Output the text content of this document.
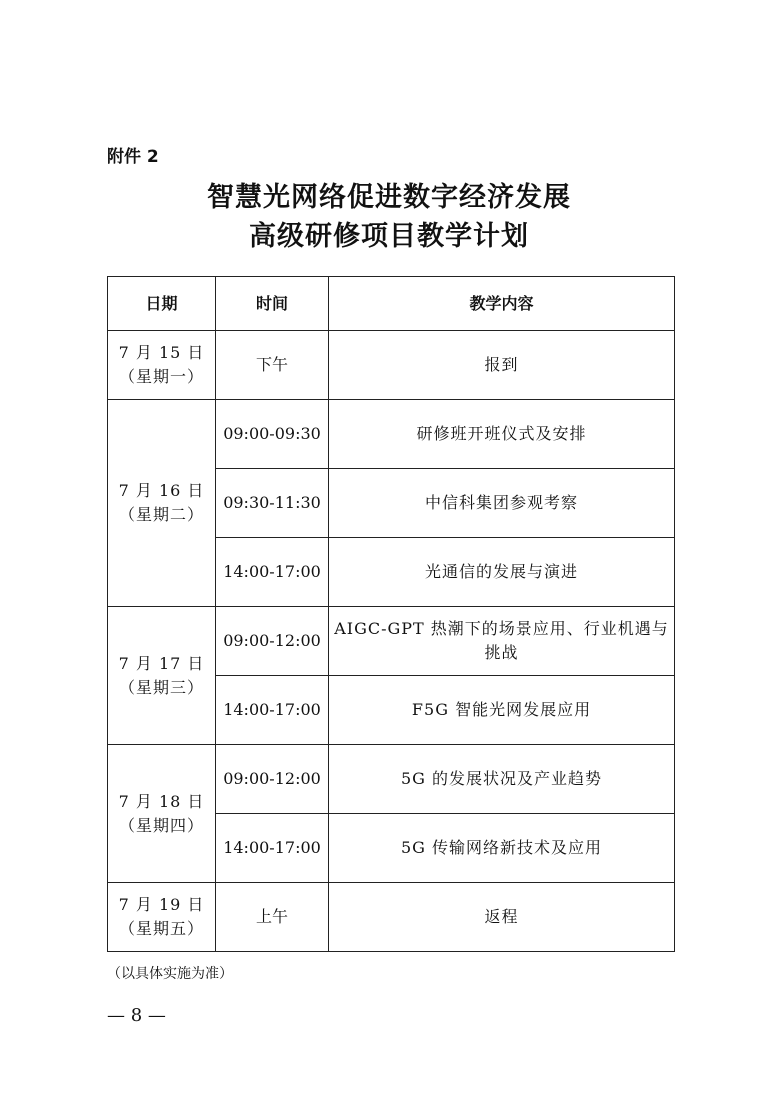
附件 2
智慧光网络促进数字经济发展
高级研修项目教学计划
日期	时间	教学内容

7 月 15 日
（星期一）	下午	报到

7 月 16 日
（星期二）	09:00-09:30	研修班开班仪式及安排
	09:30-11:30	中信科集团参观考察
	14:00-17:00	光通信的发展与演进

7 月 17 日
（星期三）	09:00-12:00	AIGC-GPT 热潮下的场景应用、行业机遇与挑战
	14:00-17:00	F5G 智能光网发展应用

7 月 18 日
（星期四）	09:00-12:00	5G 的发展状况及产业趋势
	14:00-17:00	5G 传输网络新技术及应用

7 月 19 日
（星期五）	上午	返程
（以具体实施为准）
— 8 —
